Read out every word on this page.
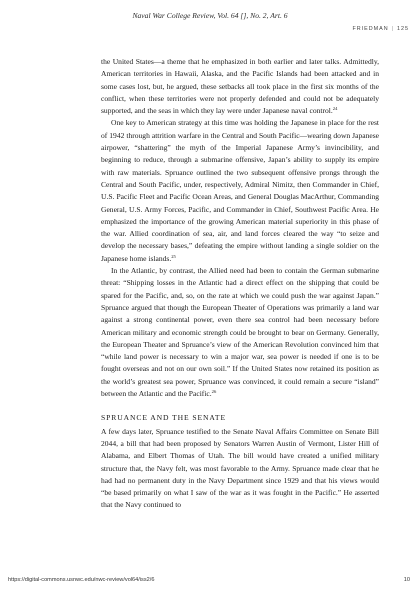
Naval War College Review, Vol. 64 [], No. 2, Art. 6
FRIEDMAN | 125

the United States—a theme that he emphasized in both earlier and later talks. Admittedly, American territories in Hawaii, Alaska, and the Pacific Islands had been attacked and in some cases lost, but, he argued, these setbacks all took place in the first six months of the conflict, when these territories were not properly defended and could not be adequately supported, and the seas in which they lay were under Japanese naval control.$^{24}$

One key to American strategy at this time was holding the Japanese in place for the rest of 1942 through attrition warfare in the Central and South Pacific—wearing down Japanese airpower, “shattering” the myth of the Imperial Japanese Army’s invincibility, and beginning to reduce, through a submarine offensive, Japan’s ability to supply its empire with raw materials. Spruance outlined the two subsequent offensive prongs through the Central and South Pacific, under, respectively, Admiral Nimitz, then Commander in Chief, U.S. Pacific Fleet and Pacific Ocean Areas, and General Douglas MacArthur, Commanding General, U.S. Army Forces, Pacific, and Commander in Chief, Southwest Pacific Area. He emphasized the importance of the growing American material superiority in this phase of the war. Allied coordination of sea, air, and land forces cleared the way “to seize and develop the necessary bases,” defeating the empire without landing a single soldier on the Japanese home islands.$^{25}$

In the Atlantic, by contrast, the Allied need had been to contain the German submarine threat: “Shipping losses in the Atlantic had a direct effect on the shipping that could be spared for the Pacific, and, so, on the rate at which we could push the war against Japan.” Spruance argued that though the European Theater of Operations was primarily a land war against a strong continental power, even there sea control had been necessary before American military and economic strength could be brought to bear on Germany. Generally, the European Theater and Spruance’s view of the American Revolution convinced him that “while land power is necessary to win a major war, sea power is needed if one is to be fought overseas and not on our own soil.” If the United States now retained its position as the world’s greatest sea power, Spruance was convinced, it could remain a secure “island” between the Atlantic and the Pacific.$^{26}$

SPRUANCE AND THE SENATE

A few days later, Spruance testified to the Senate Naval Affairs Committee on Senate Bill 2044, a bill that had been proposed by Senators Warren Austin of Vermont, Lister Hill of Alabama, and Elbert Thomas of Utah. The bill would have created a unified military structure that, the Navy felt, was most favorable to the Army. Spruance made clear that he had had no permanent duty in the Navy Department since 1929 and that his views would “be based primarily on what I saw of the war as it was fought in the Pacific.” He asserted that the Navy continued to

https://digital-commons.usnwc.edu/nwc-review/vol64/iss2/6	10
